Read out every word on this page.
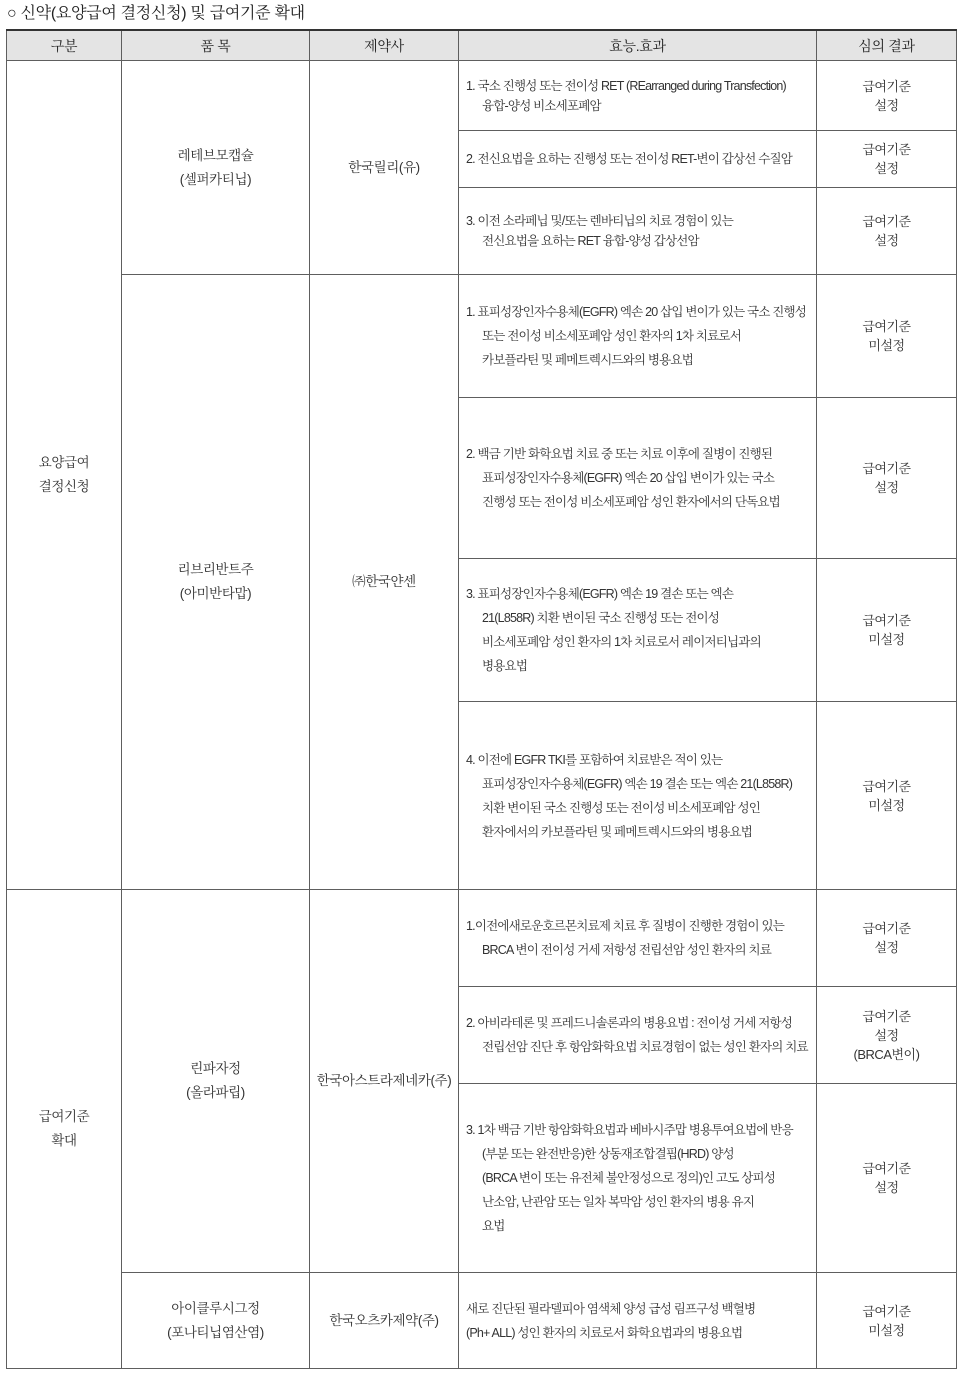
○ 신약(요양급여 결정신청) 및 급여기준 확대
구분	품 목	제약사	효능.효과	심의 결과

요양급여
결정신청	레테브모캡슐
(셀퍼카티닙)	한국릴리(유)	1. 국소 진행성 또는 전이성 RET (REarranged during Transfection)
융합-양성 비소세포폐암	급여기준
설정

			2. 전신요법을 요하는 진행성 또는 전이성 RET-변이 갑상선 수질암	급여기준
설정

			3. 이전 소라페닙 및/또는 렌바티닙의 치료 경험이 있는
전신요법을 요하는 RET 융합-양성 갑상선암	급여기준
설정

	리브리반트주
(아미반타맙)	㈜한국얀센	1. 표피성장인자수용체(EGFR) 엑손 20 삽입 변이가 있는 국소 진행성
또는 전이성 비소세포폐암 성인 환자의 1차 치료로서
카보플라틴 및 페메트렉시드와의 병용요법	급여기준
미설정

			2. 백금 기반 화학요법 치료 중 또는 치료 이후에 질병이 진행된
표피성장인자수용체(EGFR) 엑손 20 삽입 변이가 있는 국소
진행성 또는 전이성 비소세포폐암 성인 환자에서의 단독요법	급여기준
설정

			3. 표피성장인자수용체(EGFR) 엑손 19 결손 또는 엑손
21(L858R) 치환 변이된 국소 진행성 또는 전이성
비소세포폐암 성인 환자의 1차 치료로서 레이저티닙과의
병용요법	급여기준
미설정

			4. 이전에 EGFR TKI를 포함하여 치료받은 적이 있는
표피성장인자수용체(EGFR) 엑손 19 결손 또는 엑손 21(L858R)
치환 변이된 국소 진행성 또는 전이성 비소세포폐암 성인
환자에서의 카보플라틴 및 페메트렉시드와의 병용요법	급여기준
미설정

급여기준
확대	린파자정
(올라파립)	한국아스트라제네카(주)	1.이전에새로운호르몬치료제 치료 후 질병이 진행한 경험이 있는
BRCA 변이 전이성 거세 저항성 전립선암 성인 환자의 치료	급여기준
설정

			2. 아비라테론 및 프레드니솔론과의 병용요법 : 전이성 거세 저항성
전립선암 진단 후 항암화학요법 치료경험이 없는 성인 환자의 치료	급여기준
설정
(BRCA변이)

			3. 1차 백금 기반 항암화학요법과 베바시주맙 병용투여요법에 반응
(부분 또는 완전반응)한 상동재조합결핍(HRD) 양성
(BRCA 변이 또는 유전체 불안정성으로 정의)인 고도 상피성
난소암, 난관암 또는 일차 복막암 성인 환자의 병용 유지
요법	급여기준
설정

	아이클루시그정
(포나티닙염산염)	한국오츠카제약(주)	새로 진단된 필라델피아 염색체 양성 급성 림프구성 백혈병
(Ph+ ALL) 성인 환자의 치료로서 화학요법과의 병용요법	급여기준
미설정
